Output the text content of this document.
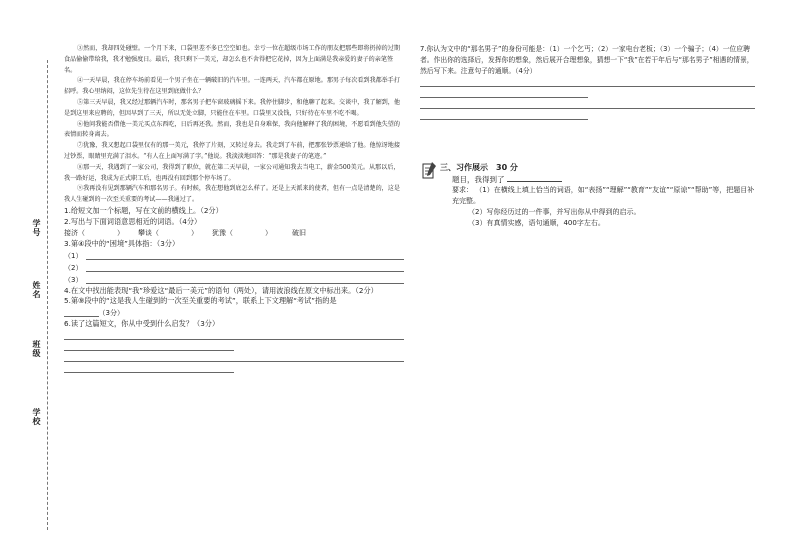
学号
姓名
班级
学校

③然而，我却四处碰壁。一个月下来，口袋里差不多已空空如也。幸亏一位在超级市场工作的朋友把那些即将扔掉的过期食品偷偷带给我，我才勉强度日。最后，我只剩下一美元，却怎么也不舍得把它花掉，因为上面满是我亲爱的妻子的亲笔签名。

④一天早晨，我在停车场前看见一个男子坐在一辆破旧的汽车里。一连两天，汽车都在原地。那男子每次看到我都举手打招呼。我心里纳闷，这位先生待在这里到底做什么？

⑤第三天早晨，我又经过那辆汽车时，那名男子把车窗玻璃摇下来。我停住脚步，和他聊了起来。交谈中，我了解到，他是到这里来应聘的，但因早到了三天，所以无处立脚，只能住在车里。口袋里又没钱，只好待在车里不吃不喝。

⑥他问我能否借他一美元买点东西吃，日后再还我。然而，我也是自身难保，我向他解释了我的困境，不愿看到他失望的表情而转身离去。

⑦犹豫，我又想起口袋里仅有的那一美元，我停了片刻，又转过身去。我走到了车前，把那张钞票递给了他。他惊讶地接过钞票，眼睛里充满了泪水。“有人在上面写满了字。”他说。我淡淡地回答：“那是我妻子的笔迹。”

⑧那一天，我遇到了一家公司，我得到了职位，就在第二天早晨，一家公司通知我去当电工，薪金500美元。从那以后，我一路好运，我成为正式职工后，也再没有回到那个停车场了。

⑨我再没有见到那辆汽车和那名男子。有时候，我在想他到底怎么样了。还是上天派来的使者，但有一点是清楚的，这是我人生碰到的一次至关重要的考试——我通过了。

1.给短文加一个标题，写在文前的横线上。（2分）

2.写出与下面词语意思相近的词语。（4分）

接济（	） 攀谈（	） 犹豫（	）	破旧

3.第④段中的“困境”具体指：（3分）

（1）
（2）
（3）

4.在文中找出能表现“我”珍爱这“最后一美元”的语句（两处），请用波浪线在原文中标出来。（2分）

5.第⑨段中的“这是我人生碰到的一次至关重要的考试”，联系上下文理解“考试”指的是

（3分）

6.读了这篇短文，你从中受到什么启发？（3分）

7.你认为文中的“那名男子”的身份可能是：（1）一个乞丐；（2）一家电台老板；（3）一个骗子；（4）一位应聘者。作出你的选择后，发挥你的想象，然后展开合理想象，猜想一下“我”在若干年后与“那名男子”相遇的情景，然后写下来。注意句子的通顺。（4分）

三、习作展示　30 分
题目，我得到了
要求： （1）在横线上填上恰当的词语，如“表扬”“理解”“教育”“友谊”“原谅”“帮助”等，把题目补充完整。
（2）写你经历过的一件事，并写出你从中得到的启示。
（3）有真情实感，语句通顺，400字左右。
